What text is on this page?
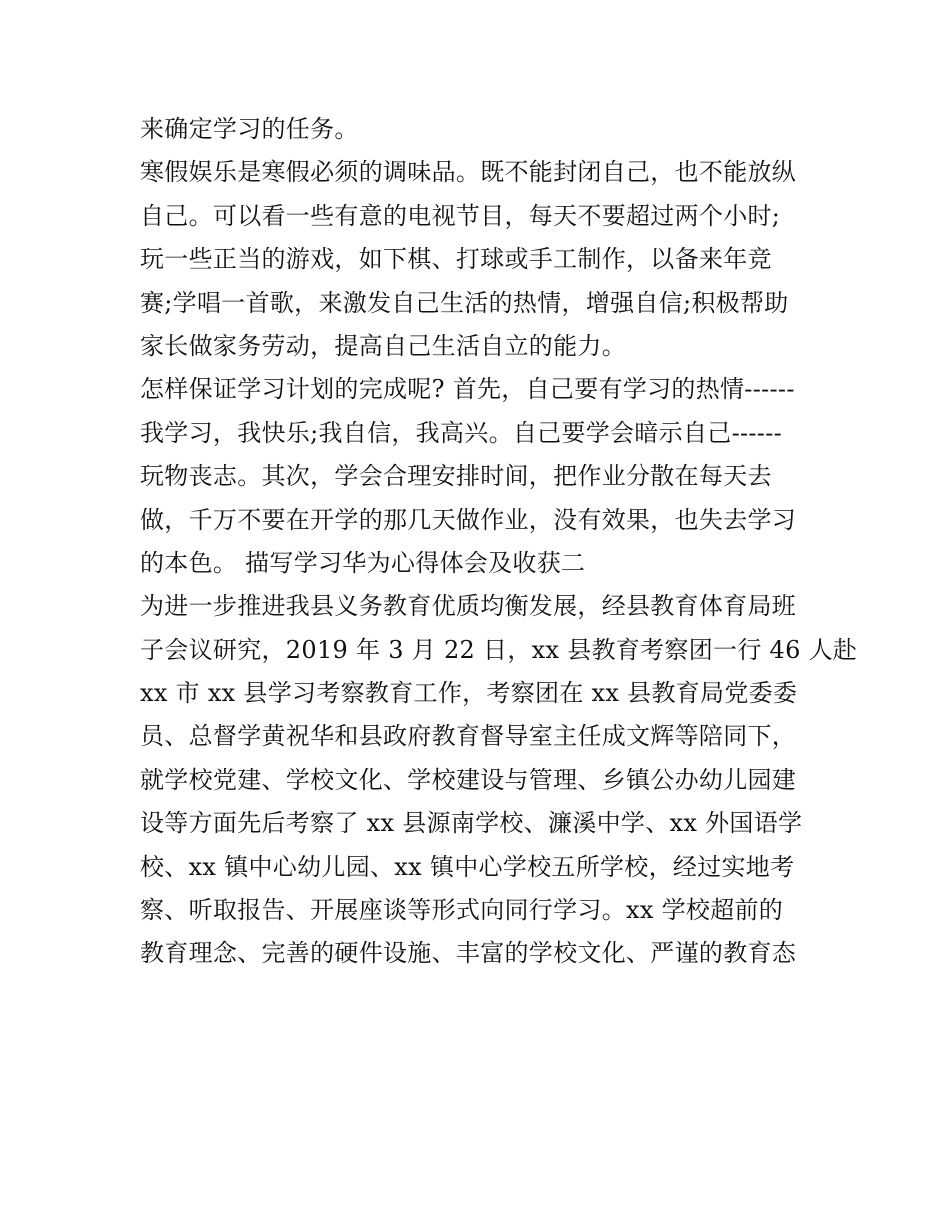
来确定学习的任务。
寒假娱乐是寒假必须的调味品。既不能封闭自己，也不能放纵
自己。可以看一些有意的电视节目，每天不要超过两个小时;
玩一些正当的游戏，如下棋、打球或手工制作，以备来年竞
赛;学唱一首歌，来激发自己生活的热情，增强自信;积极帮助
家长做家务劳动，提高自己生活自立的能力。
怎样保证学习计划的完成呢? 首先，自己要有学习的热情------
我学习，我快乐;我自信，我高兴。自己要学会暗示自己------
玩物丧志。其次，学会合理安排时间，把作业分散在每天去
做，千万不要在开学的那几天做作业，没有效果，也失去学习
的本色。 描写学习华为心得体会及收获二
为进一步推进我县义务教育优质均衡发展，经县教育体育局班
子会议研究，2019 年 3 月 22 日，xx 县教育考察团一行 46 人赴
xx 市 xx 县学习考察教育工作，考察团在 xx 县教育局党委委
员、总督学黄祝华和县政府教育督导室主任成文辉等陪同下，
就学校党建、学校文化、学校建设与管理、乡镇公办幼儿园建
设等方面先后考察了 xx 县源南学校、濂溪中学、xx 外国语学
校、xx 镇中心幼儿园、xx 镇中心学校五所学校，经过实地考
察、听取报告、开展座谈等形式向同行学习。xx 学校超前的
教育理念、完善的硬件设施、丰富的学校文化、严谨的教育态
